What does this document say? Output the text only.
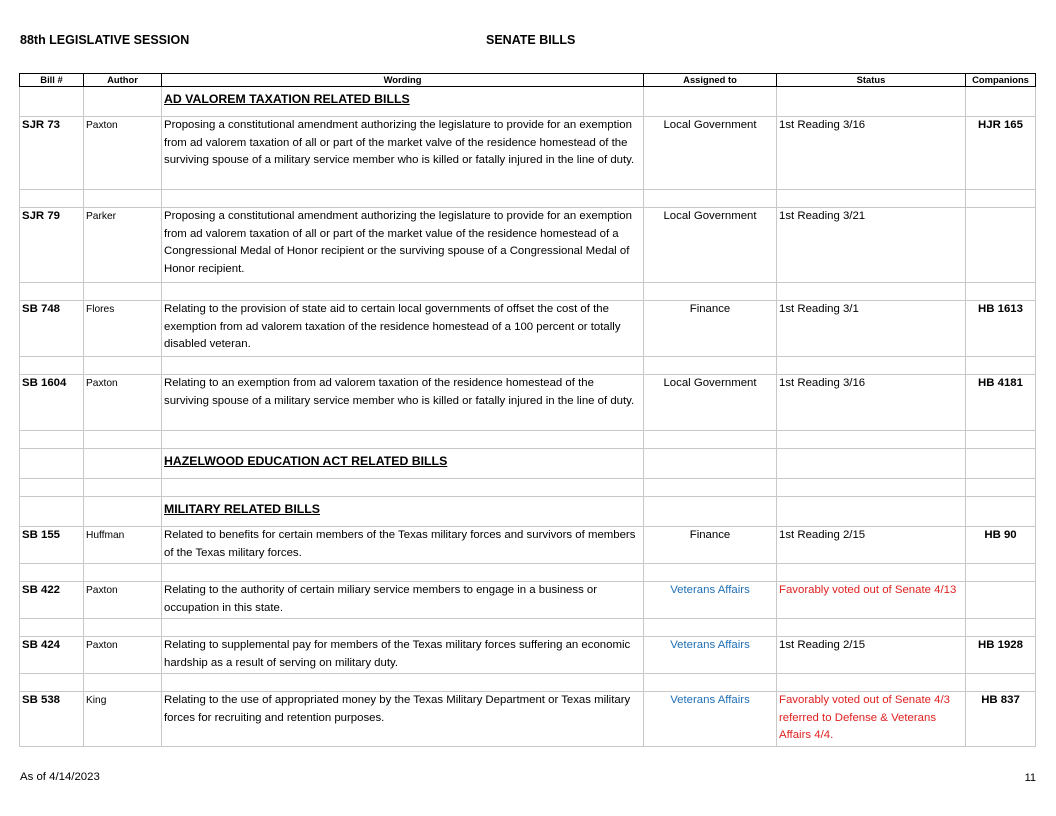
88th LEGISLATIVE SESSION	SENATE BILLS
Bill #	Author	Wording	Assigned to	Status	Companions
		AD VALOREM TAXATION RELATED BILLS			
SJR 73	Paxton	Proposing a constitutional amendment authorizing the legislature to provide for an exemption from ad valorem taxation of all or part of the market valve of the residence homestead of the surviving spouse of a military service member who is killed or fatally injured in the line of duty.	Local Government	1st Reading 3/16	HJR 165

SJR 79	Parker	Proposing a constitutional amendment authorizing the legislature to provide for an exemption from ad valorem taxation of all or part of the market value of the residence homestead of a Congressional Medal of Honor recipient or the surviving spouse of a Congressional Medal of Honor recipient.	Local Government	1st Reading 3/21	

SB 748	Flores	Relating to the provision of state aid to certain local governments of offset the cost of the exemption from ad valorem taxation of the residence homestead of a 100 percent or totally disabled veteran.	Finance	1st Reading 3/1	HB 1613

SB 1604	Paxton	Relating to an exemption from ad valorem taxation of the residence homestead of the surviving spouse of a military service member who is killed or fatally injured in the line of duty.	Local Government	1st Reading 3/16	HB 4181

		HAZELWOOD EDUCATION ACT RELATED BILLS			

		MILITARY RELATED BILLS			
SB 155	Huffman	Related to benefits for certain members of the Texas military forces and survivors of members of the Texas military forces.	Finance	1st Reading 2/15	HB 90

SB 422	Paxton	Relating to the authority of certain miliary service members to engage in a business or occupation in this state.	Veterans Affairs	Favorably voted out of Senate 4/13	

SB 424	Paxton	Relating to supplemental pay for members of the Texas military forces suffering an economic hardship as a result of serving on military duty.	Veterans Affairs	1st Reading 2/15	HB 1928

SB 538	King	Relating to the use of appropriated money by the Texas Military Department or Texas military forces for recruiting and retention purposes.	Veterans Affairs	Favorably voted out of Senate 4/3 referred to Defense & Veterans Affairs 4/4.	HB 837
As of 4/14/2023	11
